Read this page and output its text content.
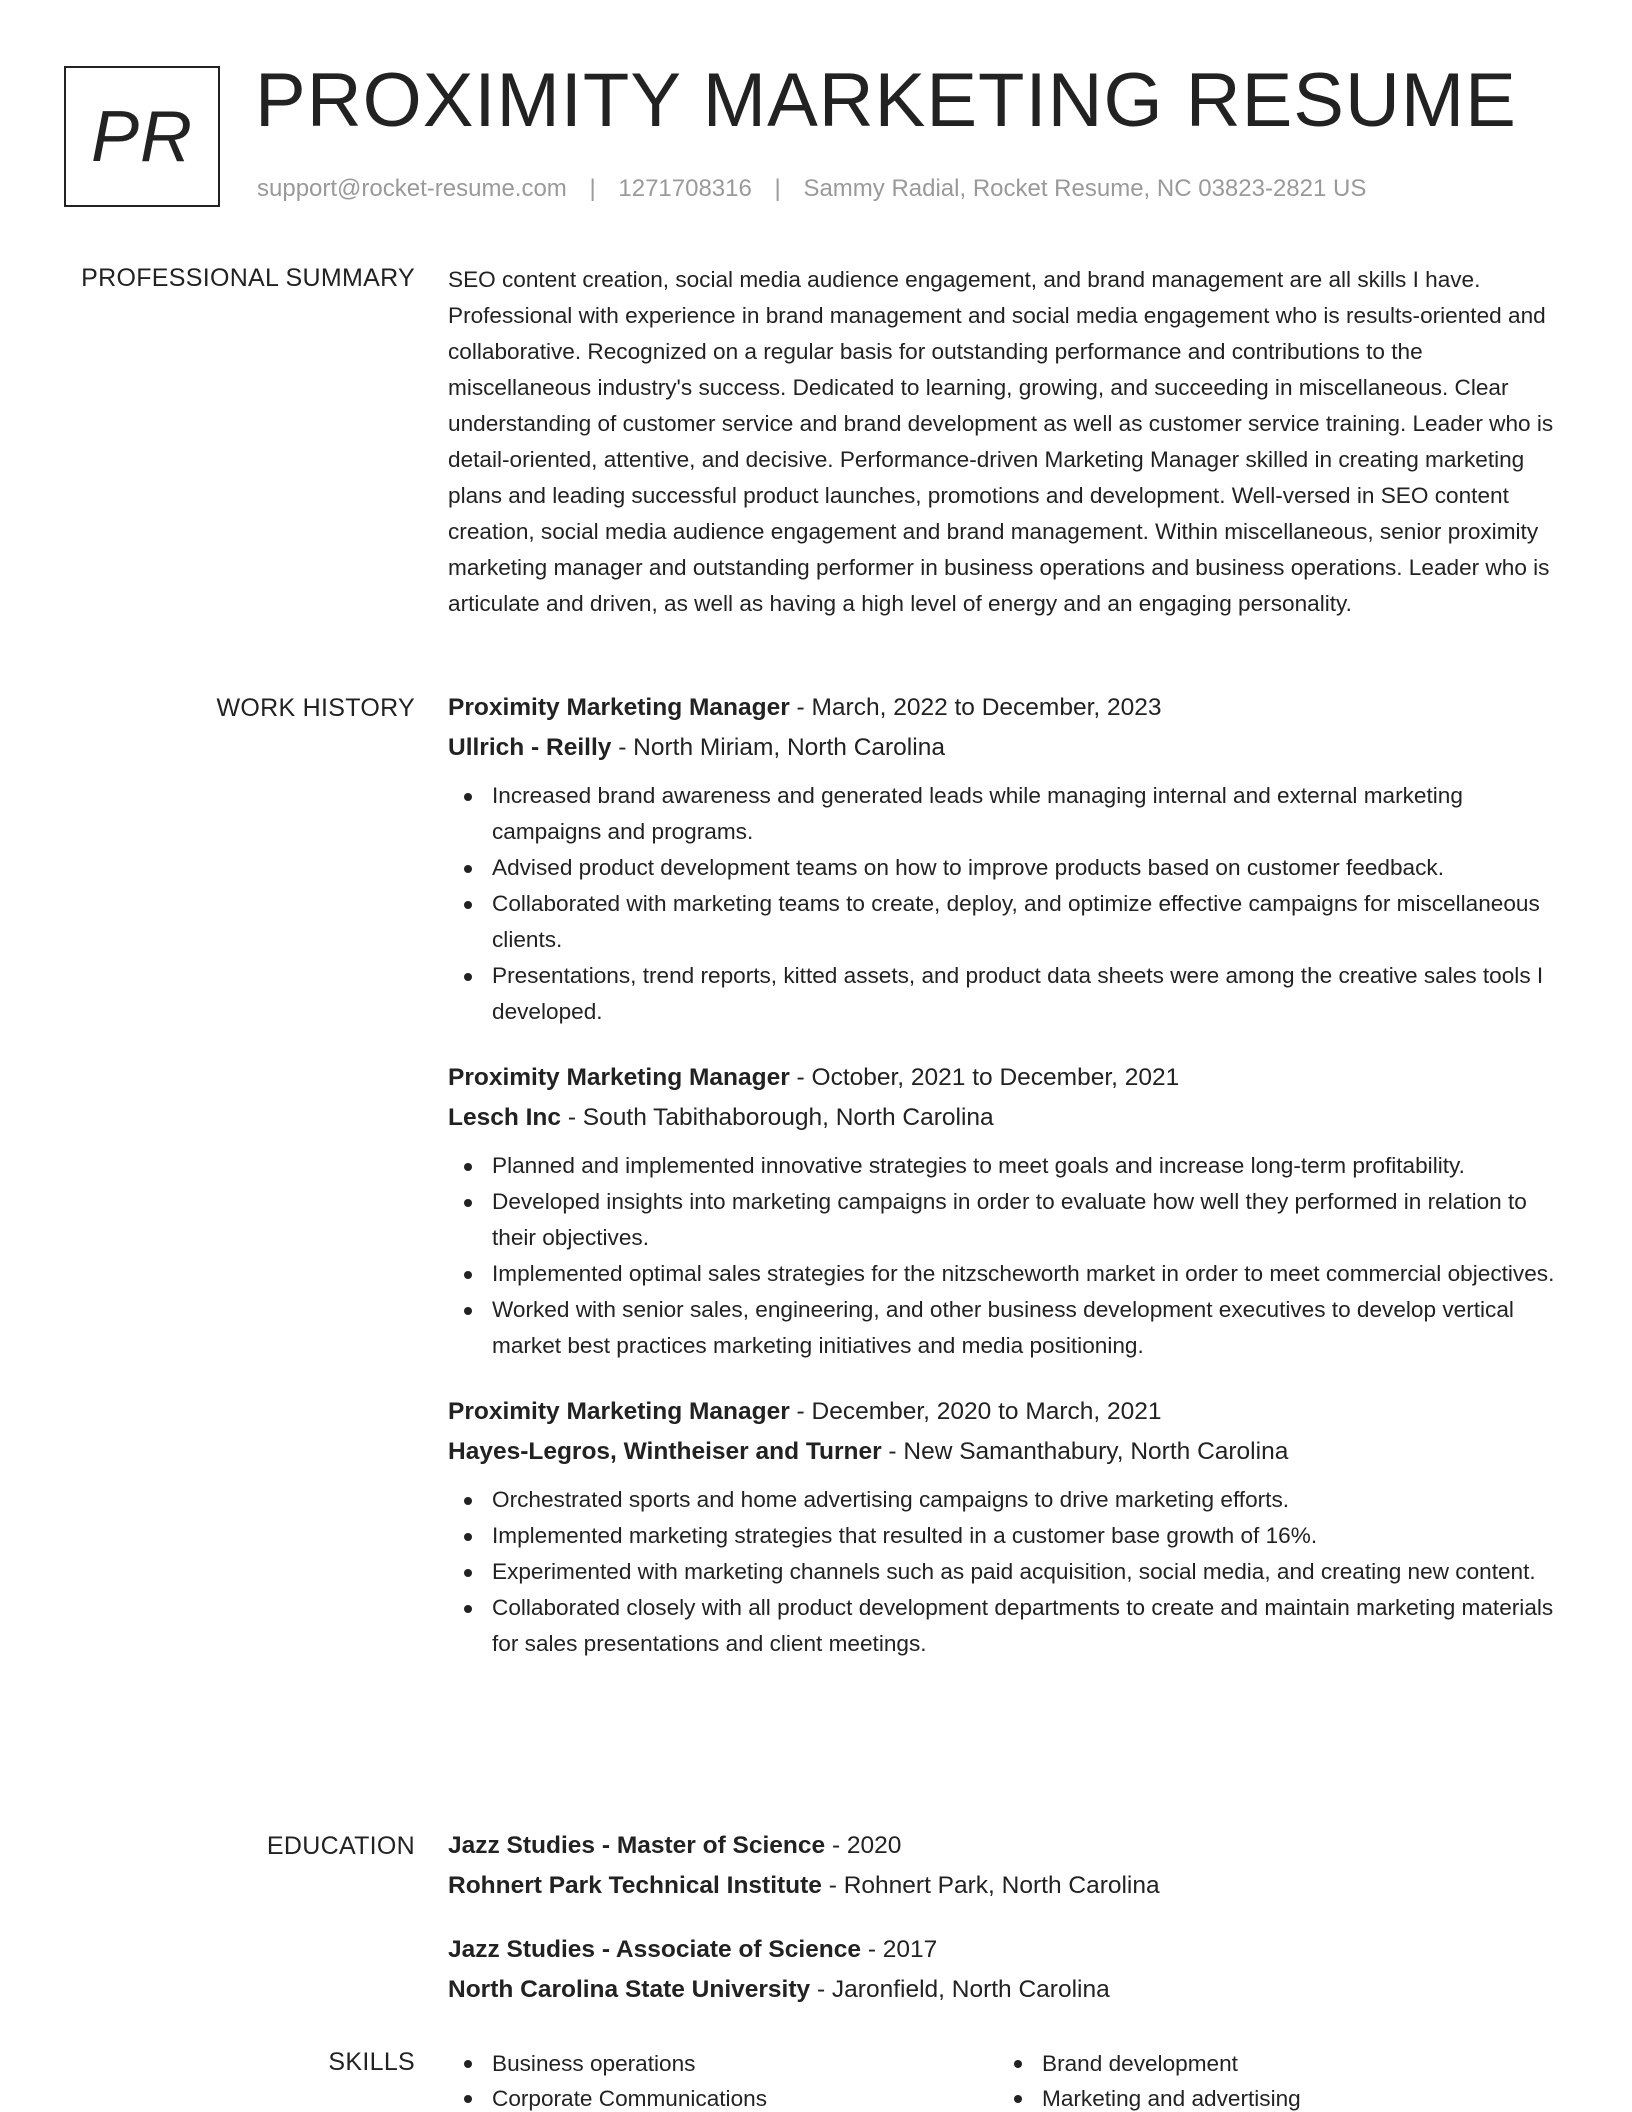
PR PROXIMITY MARKETING RESUME
support@rocket-resume.com | 1271708316 | Sammy Radial, Rocket Resume, NC 03823-2821 US
PROFESSIONAL SUMMARY SEO content creation, social media audience engagement, and brand management are all skills I have. Professional with experience in brand management and social media engagement who is results-oriented and collaborative. Recognized on a regular basis for outstanding performance and contributions to the miscellaneous industry's success. Dedicated to learning, growing, and succeeding in miscellaneous. Clear understanding of customer service and brand development as well as customer service training. Leader who is detail-oriented, attentive, and decisive. Performance-driven Marketing Manager skilled in creating marketing plans and leading successful product launches, promotions and development. Well-versed in SEO content creation, social media audience engagement and brand management. Within miscellaneous, senior proximity marketing manager and outstanding performer in business operations and business operations. Leader who is articulate and driven, as well as having a high level of energy and an engaging personality.

WORK HISTORY Proximity Marketing Manager - March, 2022 to December, 2023
Ullrich - Reilly - North Miriam, North Carolina
Increased brand awareness and generated leads while managing internal and external marketing campaigns and programs.
Advised product development teams on how to improve products based on customer feedback.
Collaborated with marketing teams to create, deploy, and optimize effective campaigns for miscellaneous clients.
Presentations, trend reports, kitted assets, and product data sheets were among the creative sales tools I developed.
Proximity Marketing Manager - October, 2021 to December, 2021
Lesch Inc - South Tabithaborough, North Carolina
Planned and implemented innovative strategies to meet goals and increase long-term profitability.
Developed insights into marketing campaigns in order to evaluate how well they performed in relation to their objectives.
Implemented optimal sales strategies for the nitzscheworth market in order to meet commercial objectives.
Worked with senior sales, engineering, and other business development executives to develop vertical market best practices marketing initiatives and media positioning.
Proximity Marketing Manager - December, 2020 to March, 2021
Hayes-Legros, Wintheiser and Turner - New Samanthabury, North Carolina
Orchestrated sports and home advertising campaigns to drive marketing efforts.
Implemented marketing strategies that resulted in a customer base growth of 16%.
Experimented with marketing channels such as paid acquisition, social media, and creating new content.
Collaborated closely with all product development departments to create and maintain marketing materials for sales presentations and client meetings.
EDUCATION Jazz Studies - Master of Science - 2020
Rohnert Park Technical Institute - Rohnert Park, North Carolina
Jazz Studies - Associate of Science - 2017
North Carolina State University - Jaronfield, North Carolina
SKILLS	Business operations
Corporate Communications
Brand development
Marketing and advertising
